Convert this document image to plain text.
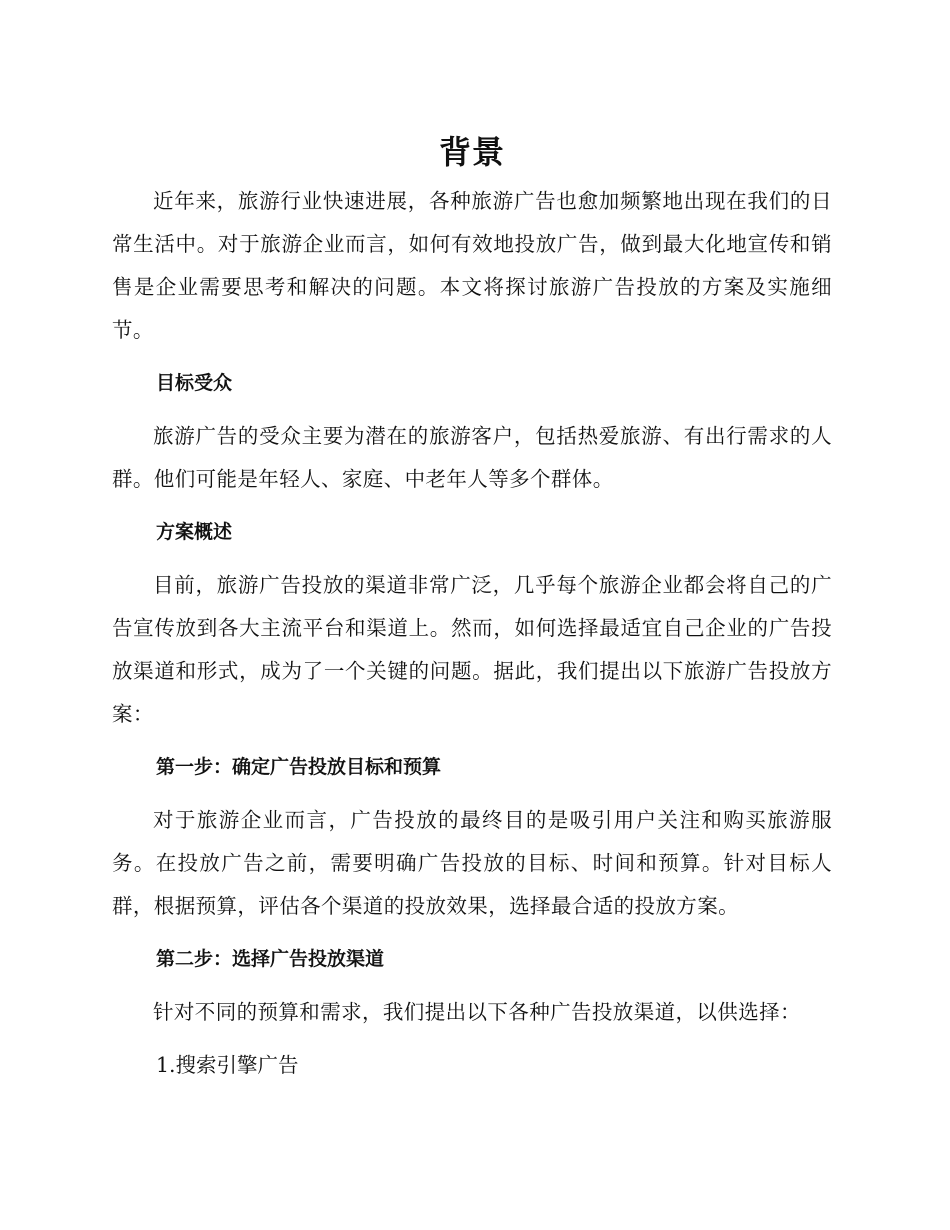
背景

近年来，旅游行业快速进展，各种旅游广告也愈加频繁地出现在我们的日常生活中。对于旅游企业而言，如何有效地投放广告，做到最大化地宣传和销售是企业需要思考和解决的问题。本文将探讨旅游广告投放的方案及实施细节。

目标受众

旅游广告的受众主要为潜在的旅游客户，包括热爱旅游、有出行需求的人群。他们可能是年轻人、家庭、中老年人等多个群体。

方案概述

目前，旅游广告投放的渠道非常广泛，几乎每个旅游企业都会将自己的广告宣传放到各大主流平台和渠道上。然而，如何选择最适宜自己企业的广告投放渠道和形式，成为了一个关键的问题。据此，我们提出以下旅游广告投放方案：

第一步：确定广告投放目标和预算

对于旅游企业而言，广告投放的最终目的是吸引用户关注和购买旅游服务。在投放广告之前，需要明确广告投放的目标、时间和预算。针对目标人群，根据预算，评估各个渠道的投放效果，选择最合适的投放方案。

第二步：选择广告投放渠道

针对不同的预算和需求，我们提出以下各种广告投放渠道，以供选择：

1.搜索引擎广告
